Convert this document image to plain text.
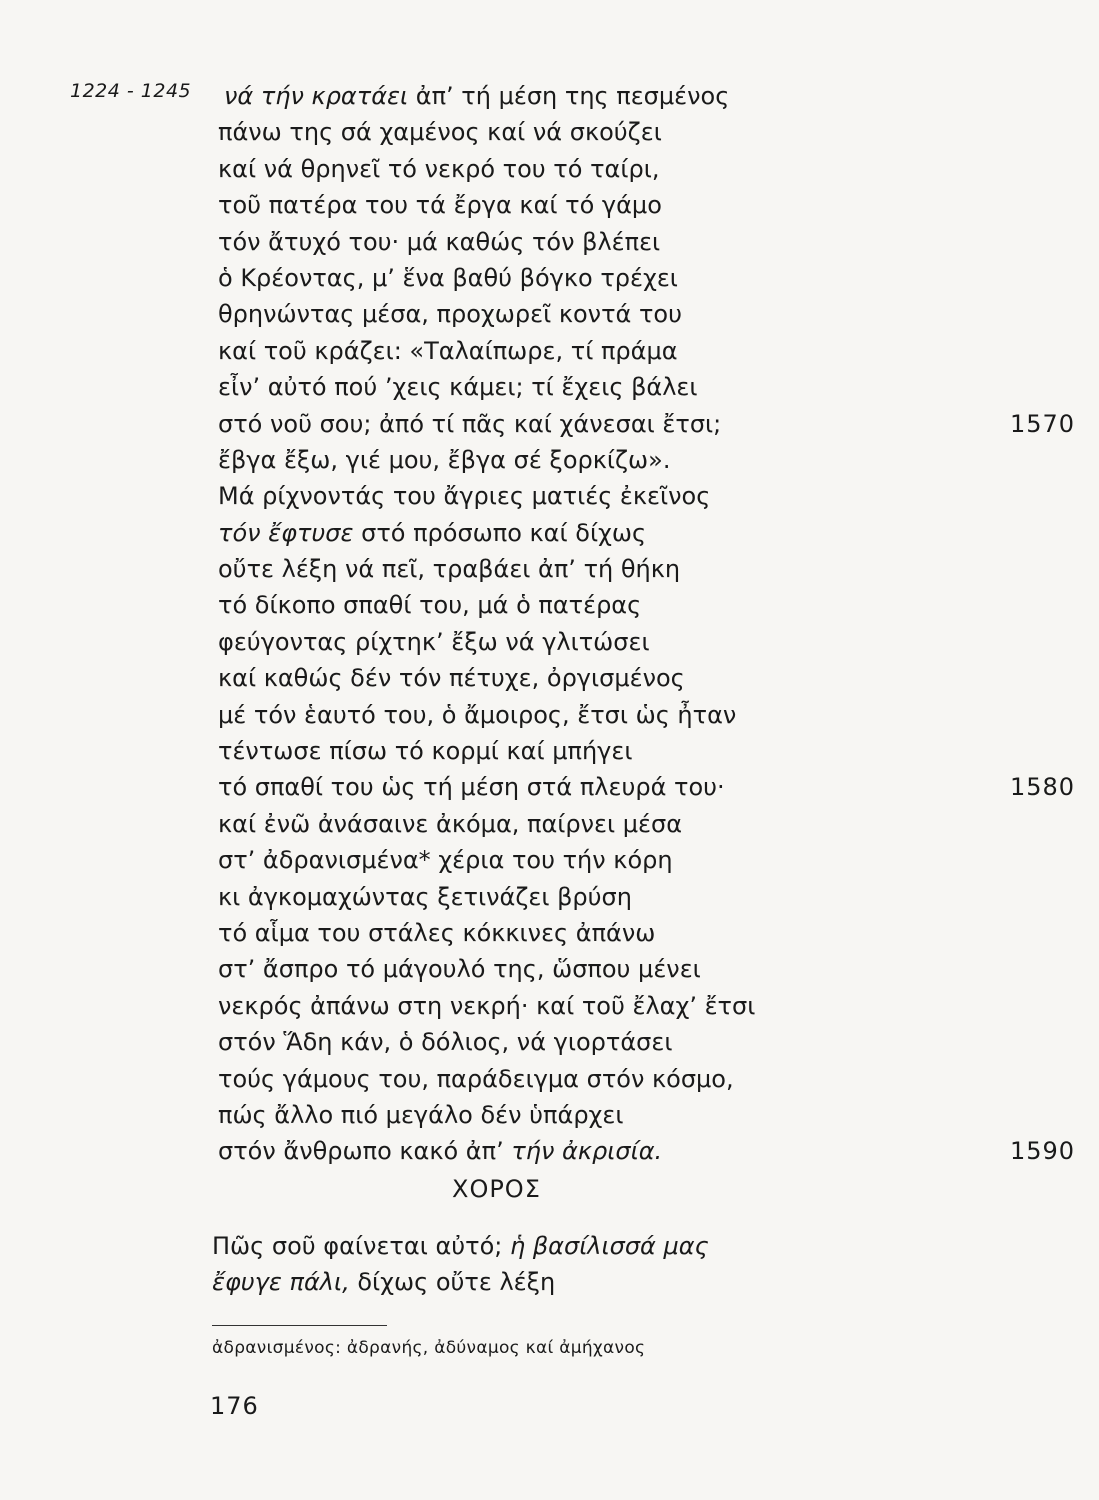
1224 - 1245 νά τήν κρατάει ἀπ’ τή μέση της πεσμένος
πάνω της σά χαμένος καί νά σκούζει
καί νά θρηνεῖ τό νεκρό του τό ταίρι,
τοῦ πατέρα του τά ἔργα καί τό γάμο
τόν ἄτυχό του· μά καθώς τόν βλέπει
ὁ Κρέοντας, μ’ ἕνα βαθύ βόγκο τρέχει
θρηνώντας μέσα, προχωρεῖ κοντά του
καί τοῦ κράζει: «Ταλαίπωρε, τί πράμα
εἶν’ αὐτό πού ’χεις κάμει; τί ἔχεις βάλει
στό νοῦ σου; ἀπό τί πᾶς καί χάνεσαι ἔτσι;	1570
ἔβγα ἔξω, γιέ μου, ἔβγα σέ ξορκίζω».
Μά ρίχνοντάς του ἄγριες ματιές ἐκεῖνος
τόν ἔφτυσε στό πρόσωπο καί δίχως
οὔτε λέξη νά πεῖ, τραβάει ἀπ’ τή θήκη
τό δίκοπο σπαθί του, μά ὁ πατέρας
φεύγοντας ρίχτηκ’ ἔξω νά γλιτώσει
καί καθώς δέν τόν πέτυχε, ὀργισμένος
μέ τόν ἑαυτό του, ὁ ἄμοιρος, ἔτσι ὡς ἦταν
τέντωσε πίσω τό κορμί καί μπήγει
τό σπαθί του ὡς τή μέση στά πλευρά του·	1580
καί ἐνῶ ἀνάσαινε ἀκόμα, παίρνει μέσα
στ’ ἀδρανισμένα* χέρια του τήν κόρη
κι ἀγκομαχώντας ξετινάζει βρύση
τό αἷμα του στάλες κόκκινες ἀπάνω
στ’ ἄσπρο τό μάγουλό της, ὥσπου μένει
νεκρός ἀπάνω στη νεκρή· καί τοῦ ἔλαχ’ ἔτσι
στόν Ἅδη κάν, ὁ δόλιος, νά γιορτάσει
τούς γάμους του, παράδειγμα στόν κόσμο,
πώς ἄλλο πιό μεγάλο δέν ὑπάρχει
στόν ἄνθρωπο κακό ἀπ’ τήν ἀκρισία.	1590
ΧΟΡΟΣ
Πῶς σοῦ φαίνεται αὐτό; ἡ βασίλισσά μας
ἔφυγε πάλι, δίχως οὔτε λέξη
ἀδρανισμένος: ἀδρανής, ἀδύναμος καί ἀμήχανος
176
